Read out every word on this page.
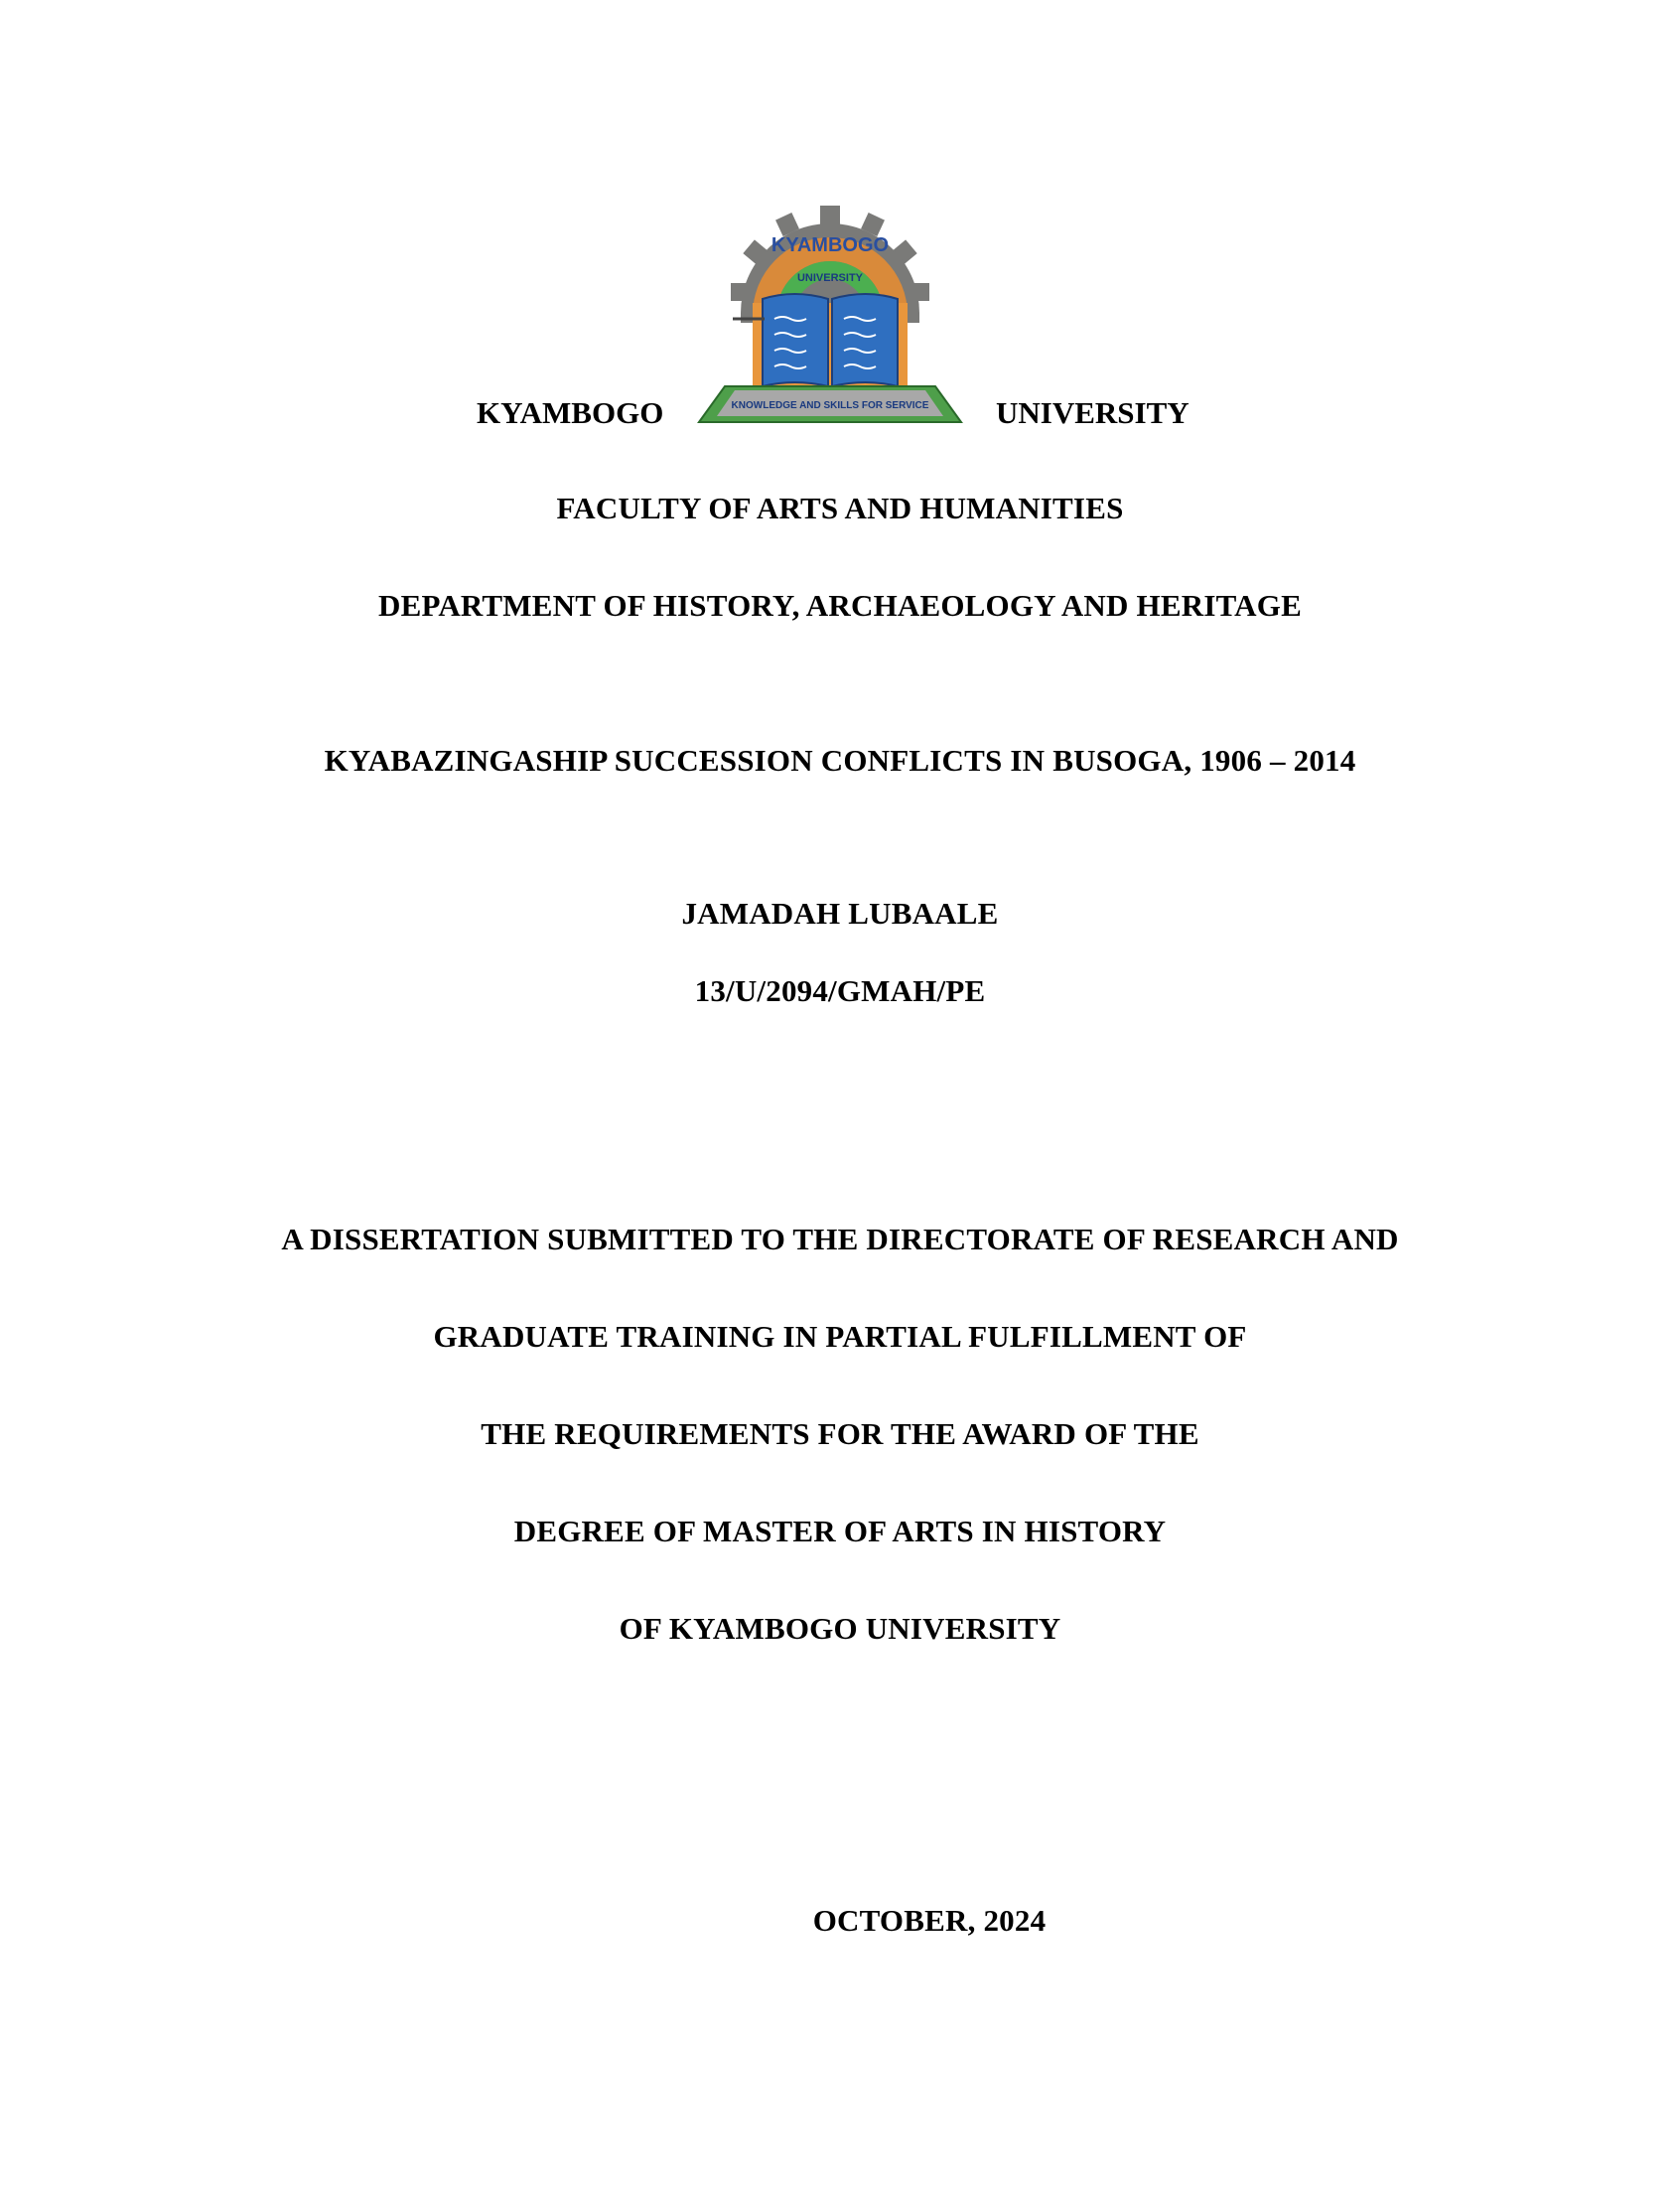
KYAMBOGO	UNIVERSITY
KYAMBOGO
UNIVERSITY
KNOWLEDGE AND SKILLS FOR SERVICE
FACULTY OF ARTS AND HUMANITIES
DEPARTMENT OF HISTORY, ARCHAEOLOGY AND HERITAGE
KYABAZINGASHIP SUCCESSION CONFLICTS IN BUSOGA, 1906 – 2014
JAMADAH LUBAALE
13/U/2094/GMAH/PE
A DISSERTATION SUBMITTED TO THE DIRECTORATE OF RESEARCH AND
GRADUATE TRAINING IN PARTIAL FULFILLMENT OF
THE REQUIREMENTS FOR THE AWARD OF THE
DEGREE OF MASTER OF ARTS IN HISTORY
OF KYAMBOGO UNIVERSITY
OCTOBER, 2024
